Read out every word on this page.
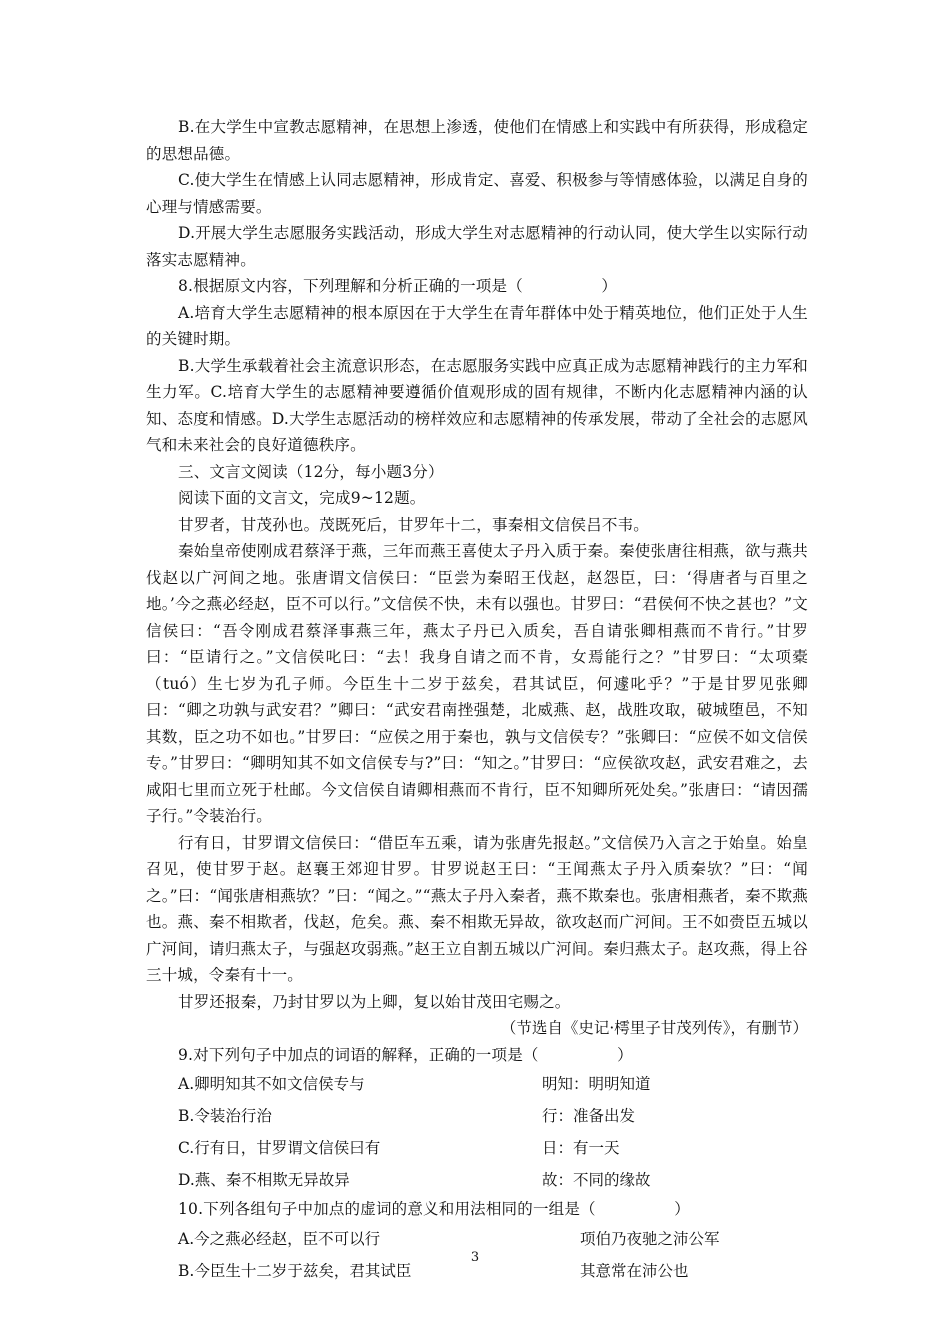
B.在大学生中宣教志愿精神，在思想上渗透，使他们在情感上和实践中有所获得，形成稳定的思想品德。

C.使大学生在情感上认同志愿精神，形成肯定、喜爱、积极参与等情感体验，以满足自身的心理与情感需要。

D.开展大学生志愿服务实践活动，形成大学生对志愿精神的行动认同，使大学生以实际行动落实志愿精神。

8.根据原文内容，下列理解和分析正确的一项是（　　　　　）

A.培育大学生志愿精神的根本原因在于大学生在青年群体中处于精英地位，他们正处于人生的关键时期。

B.大学生承载着社会主流意识形态，在志愿服务实践中应真正成为志愿精神践行的主力军和生力军。C.培育大学生的志愿精神要遵循价值观形成的固有规律，不断内化志愿精神内涵的认知、态度和情感。D.大学生志愿活动的榜样效应和志愿精神的传承发展，带动了全社会的志愿风气和未来社会的良好道德秩序。

三、文言文阅读（12分，每小题3分）

阅读下面的文言文，完成9~12题。

甘罗者，甘茂孙也。茂既死后，甘罗年十二，事秦相文信侯吕不韦。

秦始皇帝使刚成君蔡泽于燕，三年而燕王喜使太子丹入质于秦。秦使张唐往相燕，欲与燕共伐赵以广河间之地。张唐谓文信侯曰：“臣尝为秦昭王伐赵，赵怨臣，曰：‘得唐者与百里之地。’今之燕必经赵，臣不可以行。”文信侯不快，未有以强也。甘罗曰：“君侯何不快之甚也？”文信侯曰：“吾令刚成君蔡泽事燕三年，燕太子丹已入质矣，吾自请张卿相燕而不肯行。”甘罗曰：“臣请行之。”文信侯叱曰：“去！我身自请之而不肯，女焉能行之？”甘罗曰：“太项橐（tuó）生七岁为孔子师。今臣生十二岁于兹矣，君其试臣，何遽叱乎？”于是甘罗见张卿曰：“卿之功孰与武安君？”卿曰：“武安君南挫强楚，北威燕、赵，战胜攻取，破城堕邑，不知其数，臣之功不如也。”甘罗曰：“应侯之用于秦也，孰与文信侯专？”张卿曰：“应侯不如文信侯专。”甘罗曰：“卿明知其不如文信侯专与?”曰：“知之。”甘罗曰：“应侯欲攻赵，武安君难之，去咸阳七里而立死于杜邮。今文信侯自请卿相燕而不肯行，臣不知卿所死处矣。”张唐曰：“请因孺子行。”令装治行。

行有日，甘罗谓文信侯曰：“借臣车五乘，请为张唐先报赵。”文信侯乃入言之于始皇。始皇召见，使甘罗于赵。赵襄王郊迎甘罗。甘罗说赵王曰：“王闻燕太子丹入质秦欤？”曰：“闻之。”曰：“闻张唐相燕欤？”曰：“闻之。”“燕太子丹入秦者，燕不欺秦也。张唐相燕者，秦不欺燕也。燕、秦不相欺者，伐赵，危矣。燕、秦不相欺无异故，欲攻赵而广河间。王不如赍臣五城以广河间，请归燕太子，与强赵攻弱燕。”赵王立自割五城以广河间。秦归燕太子。赵攻燕，得上谷三十城，令秦有十一。

甘罗还报秦，乃封甘罗以为上卿，复以始甘茂田宅赐之。

（节选自《史记·樗里子甘茂列传》，有删节）

9.对下列句子中加点的词语的解释，正确的一项是（　　　　　）

A.卿明知其不如文信侯专与	明知：明明知道
B.令装治行治	行：准备出发
C.行有日，甘罗谓文信侯曰有	日：有一天
D.燕、秦不相欺无异故异	故：不同的缘故

10.下列各组句子中加点的虚词的意义和用法相同的一组是（　　　　　）

A.今之燕必经赵，臣不可以行	项伯乃夜驰之沛公军
B.今臣生十二岁于兹矣，君其试臣	其意常在沛公也
3
